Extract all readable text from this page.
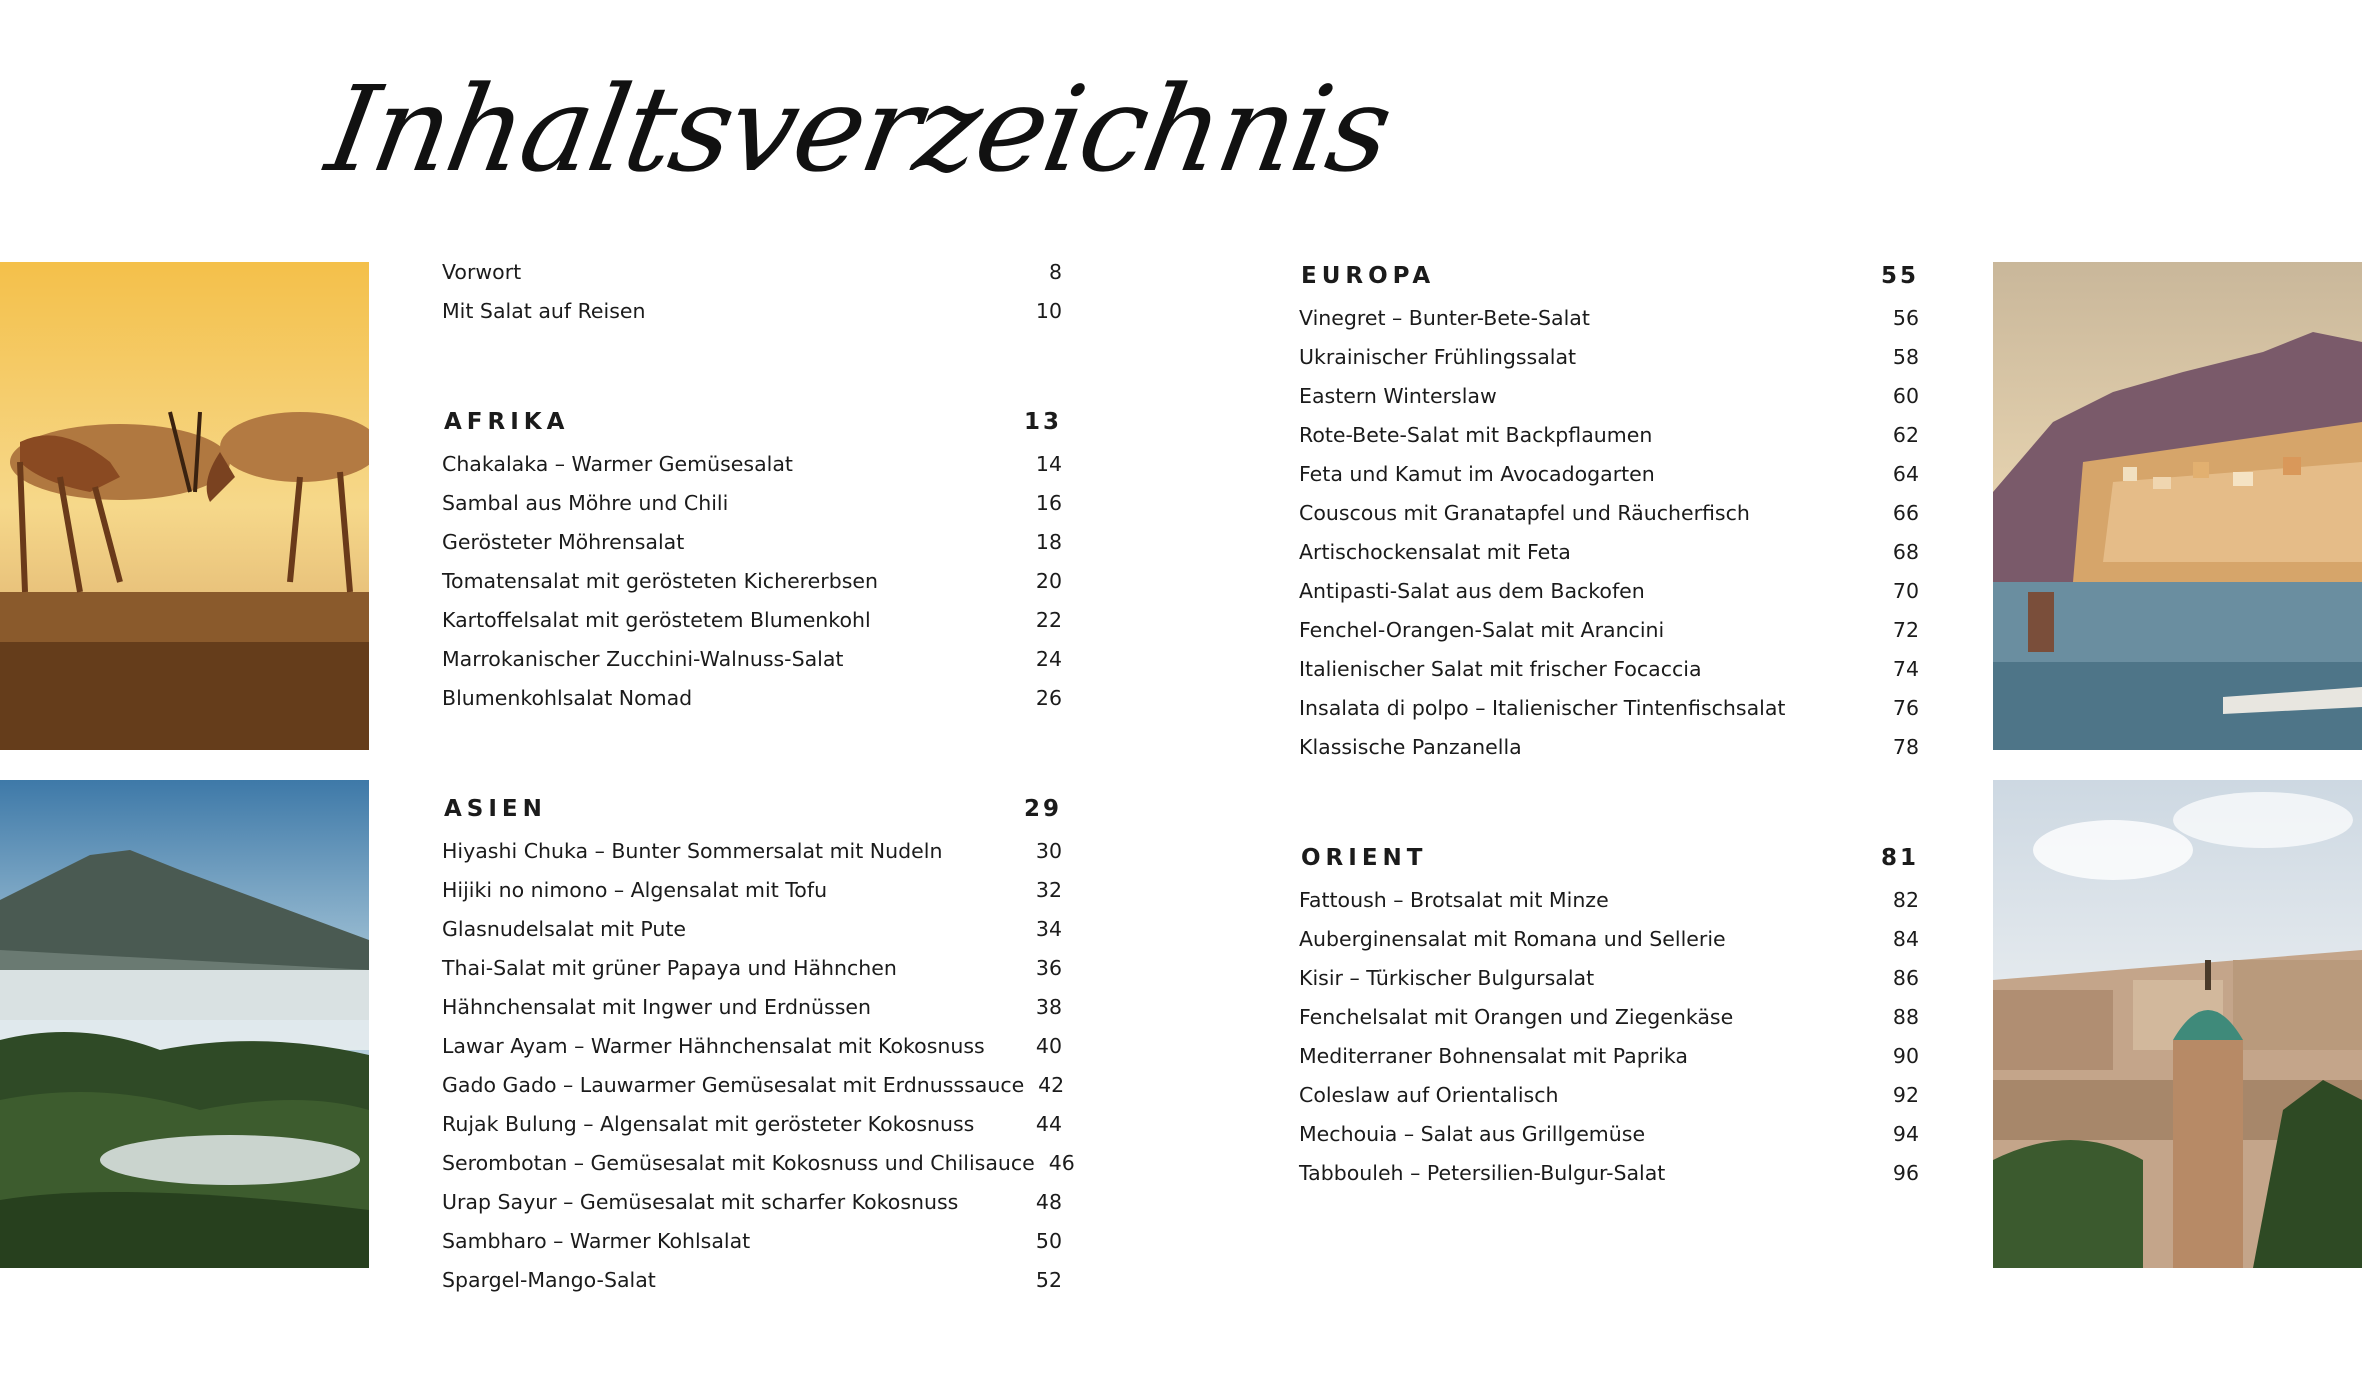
Inhaltsverzeichnis
Vorwort	8
Mit Salat auf Reisen	10
AFRIKA	13
Chakalaka – Warmer Gemüsesalat	14
Sambal aus Möhre und Chili	16
Gerösteter Möhrensalat	18
Tomatensalat mit gerösteten Kichererbsen	20
Kartoffelsalat mit geröstetem Blumenkohl	22
Marrokanischer Zucchini-Walnuss-Salat	24
Blumenkohlsalat Nomad	26
ASIEN	29
Hiyashi Chuka – Bunter Sommersalat mit Nudeln	30
Hijiki no nimono – Algensalat mit Tofu	32
Glasnudelsalat mit Pute	34
Thai-Salat mit grüner Papaya und Hähnchen	36
Hähnchensalat mit Ingwer und Erdnüssen	38
Lawar Ayam – Warmer Hähnchensalat mit Kokosnuss	40
Gado Gado – Lauwarmer Gemüsesalat mit Erdnusssauce 42
Rujak Bulung – Algensalat mit gerösteter Kokosnuss	44
Serombotan – Gemüsesalat mit Kokosnuss und Chilisauce 46
Urap Sayur – Gemüsesalat mit scharfer Kokosnuss	48
Sambharo – Warmer Kohlsalat	50
Spargel-Mango-Salat	52
EUROPA	55
Vinegret – Bunter-Bete-Salat	56
Ukrainischer Frühlingssalat	58
Eastern Winterslaw	60
Rote-Bete-Salat mit Backpflaumen	62
Feta und Kamut im Avocadogarten	64
Couscous mit Granatapfel und Räucherfisch	66
Artischockensalat mit Feta	68
Antipasti-Salat aus dem Backofen	70
Fenchel-Orangen-Salat mit Arancini	72
Italienischer Salat mit frischer Focaccia	74
Insalata di polpo – Italienischer Tintenfischsalat	76
Klassische Panzanella	78
ORIENT	81
Fattoush – Brotsalat mit Minze	82
Auberginensalat mit Romana und Sellerie	84
Kisir – Türkischer Bulgursalat	86
Fenchelsalat mit Orangen und Ziegenkäse	88
Mediterraner Bohnensalat mit Paprika	90
Coleslaw auf Orientalisch	92
Mechouia – Salat aus Grillgemüse	94
Tabbouleh – Petersilien-Bulgur-Salat	96
